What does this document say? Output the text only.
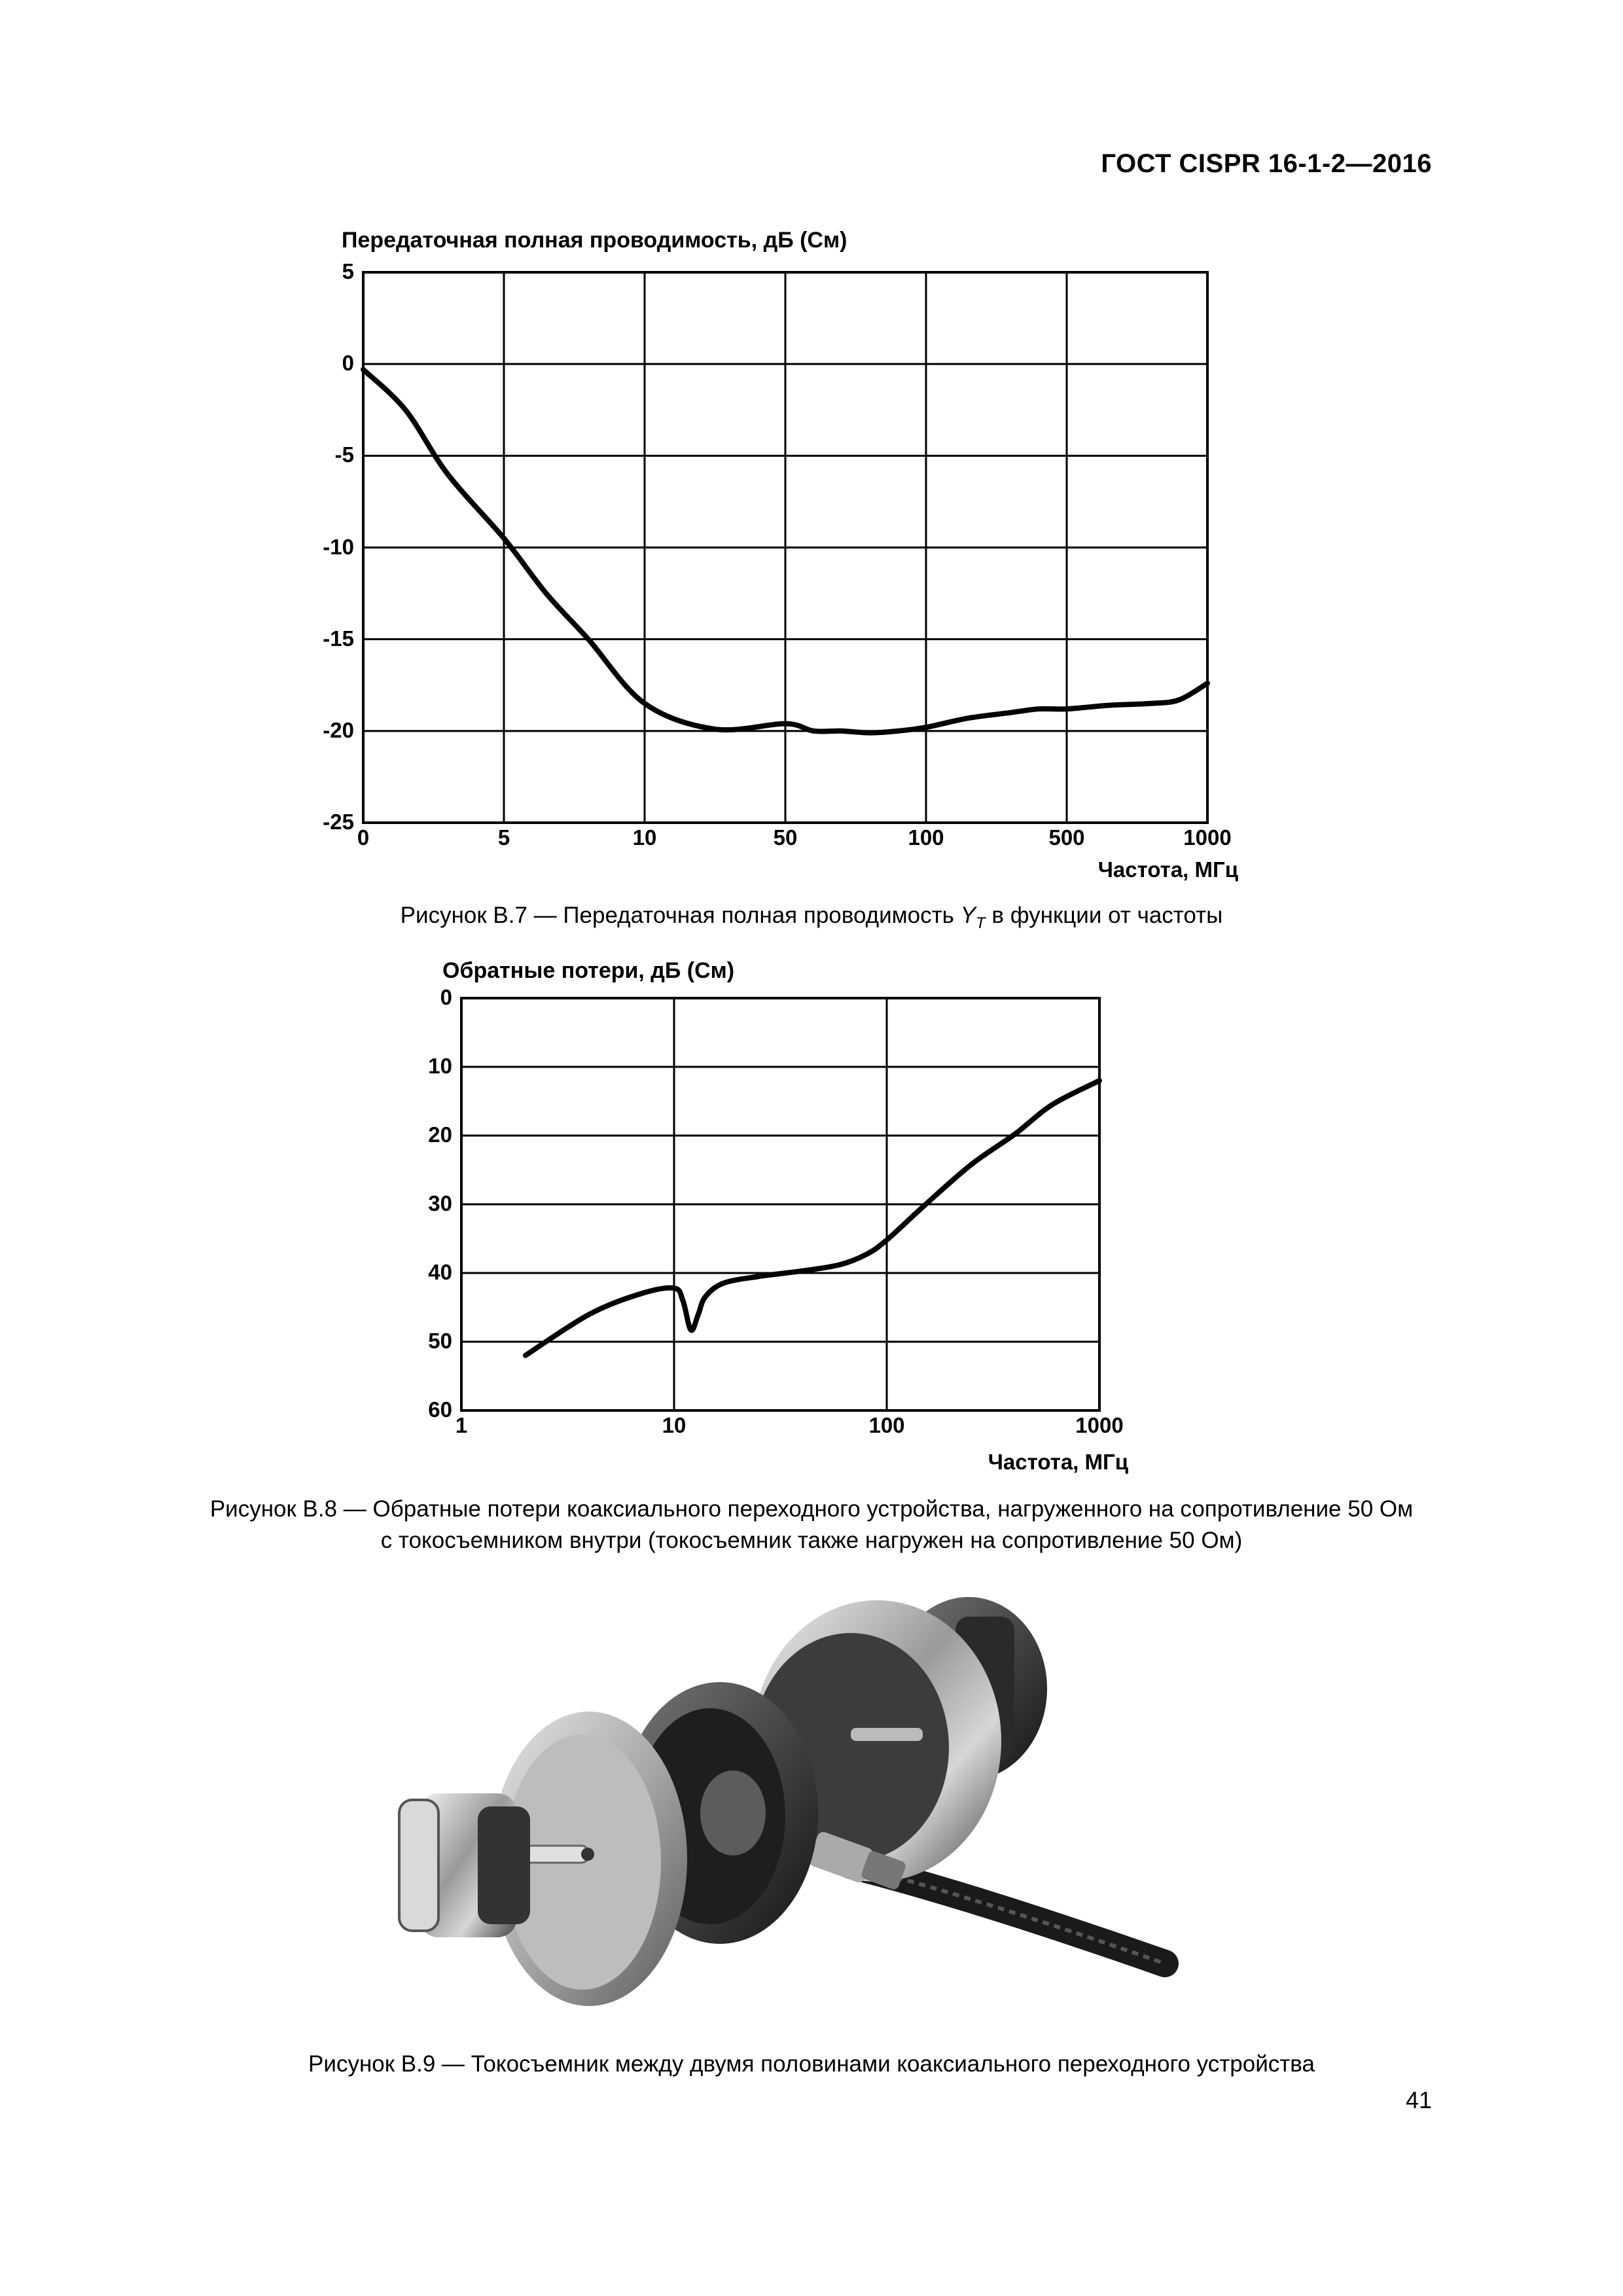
ГОСТ CISPR 16-1-2—2016
Передаточная полная проводимость, дБ (См)
5
0
-5
-10
-15
-20
-25
0	5	10	50	100	500	1000
Частота, МГц
Рисунок B.7 — Передаточная полная проводимость $Y_T$ в функции от частоты
Обратные потери, дБ (См)
0
10
20
30
40
50
60
1	10	100	1000
Частота, МГц
Рисунок B.8 — Обратные потери коаксиального переходного устройства, нагруженного на сопротивление 50 Ом
с токосъемником внутри (токосъемник также нагружен на сопротивление 50 Ом)
Рисунок B.9 — Токосъемник между двумя половинами коаксиального переходного устройства
41
